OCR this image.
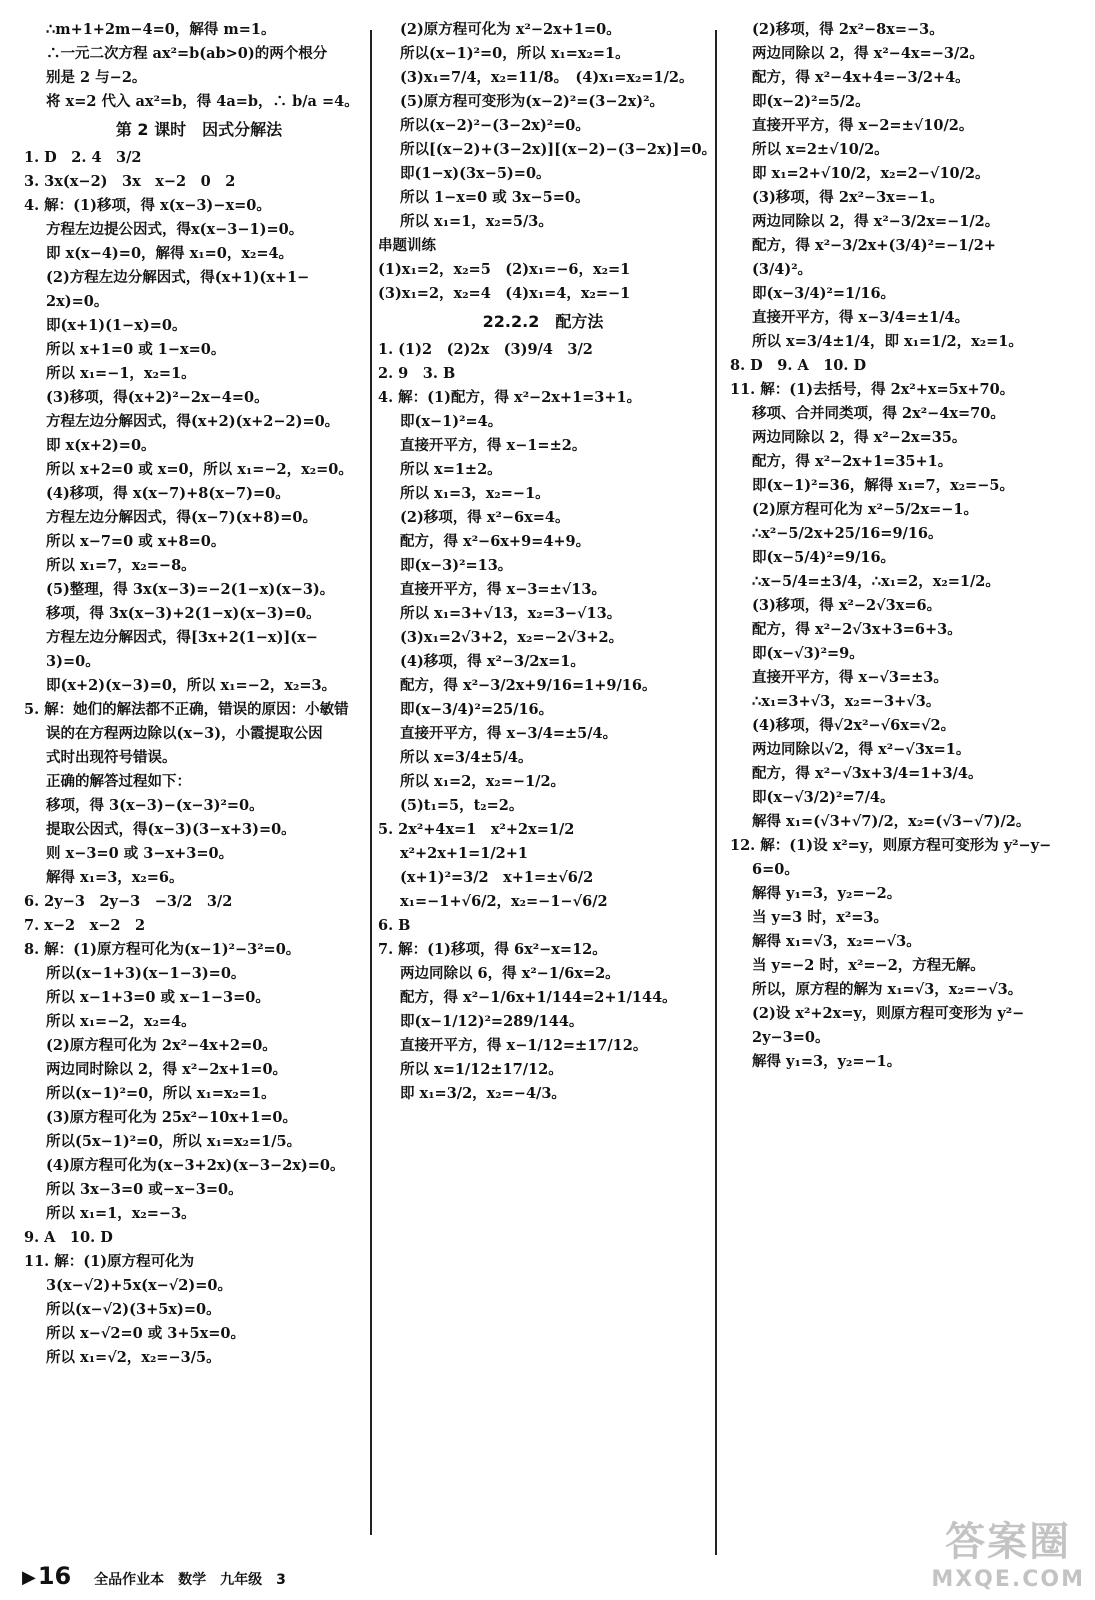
∴m+1+2m−4=0，解得 m=1。
∴一元二次方程 ax²=b(ab>0)的两个根分
别是 2 与−2。
将 x=2 代入 ax²=b，得 4a=b，∴ b/a =4。
第 2 课时　因式分解法
1. D　2. 4　3/2
3. 3x(x−2)　3x　x−2　0　2
4. 解：(1)移项，得 x(x−3)−x=0。
方程左边提公因式，得x(x−3−1)=0。
即 x(x−4)=0，解得 x₁=0，x₂=4。
(2)方程左边分解因式，得(x+1)(x+1−
2x)=0。
即(x+1)(1−x)=0。
所以 x+1=0 或 1−x=0。
所以 x₁=−1，x₂=1。
(3)移项，得(x+2)²−2x−4=0。
方程左边分解因式，得(x+2)(x+2−2)=0。
即 x(x+2)=0。
所以 x+2=0 或 x=0，所以 x₁=−2，x₂=0。
(4)移项，得 x(x−7)+8(x−7)=0。
方程左边分解因式，得(x−7)(x+8)=0。
所以 x−7=0 或 x+8=0。
所以 x₁=7，x₂=−8。
(5)整理，得 3x(x−3)=−2(1−x)(x−3)。
移项，得 3x(x−3)+2(1−x)(x−3)=0。
方程左边分解因式，得[3x+2(1−x)](x−
3)=0。
即(x+2)(x−3)=0，所以 x₁=−2，x₂=3。
5. 解：她们的解法都不正确，错误的原因：小敏错
误的在方程两边除以(x−3)，小霞提取公因
式时出现符号错误。
正确的解答过程如下：
移项，得 3(x−3)−(x−3)²=0。
提取公因式，得(x−3)(3−x+3)=0。
则 x−3=0 或 3−x+3=0。
解得 x₁=3，x₂=6。
6. 2y−3　2y−3　−3/2　3/2
7. x−2　x−2　2
8. 解：(1)原方程可化为(x−1)²−3²=0。
所以(x−1+3)(x−1−3)=0。
所以 x−1+3=0 或 x−1−3=0。
所以 x₁=−2，x₂=4。
(2)原方程可化为 2x²−4x+2=0。
两边同时除以 2，得 x²−2x+1=0。
所以(x−1)²=0，所以 x₁=x₂=1。
(3)原方程可化为 25x²−10x+1=0。
所以(5x−1)²=0，所以 x₁=x₂=1/5。
(4)原方程可化为(x−3+2x)(x−3−2x)=0。
所以 3x−3=0 或−x−3=0。
所以 x₁=1，x₂=−3。
9. A　10. D
11. 解：(1)原方程可化为
3(x−√2)+5x(x−√2)=0。
所以(x−√2)(3+5x)=0。
所以 x−√2=0 或 3+5x=0。
所以 x₁=√2，x₂=−3/5。
(2)原方程可化为 x²−2x+1=0。
所以(x−1)²=0，所以 x₁=x₂=1。
(3)x₁=7/4，x₂=11/8。　(4)x₁=x₂=1/2。
(5)原方程可变形为(x−2)²=(3−2x)²。
所以(x−2)²−(3−2x)²=0。
所以[(x−2)+(3−2x)][(x−2)−(3−2x)]=0。
即(1−x)(3x−5)=0。
所以 1−x=0 或 3x−5=0。
所以 x₁=1，x₂=5/3。
串题训练
(1)x₁=2，x₂=5　(2)x₁=−6，x₂=1
(3)x₁=2，x₂=4　(4)x₁=4，x₂=−1
22.2.2　配方法
1. (1)2　(2)2x　(3)9/4　3/2
2. 9　3. B
4. 解：(1)配方，得 x²−2x+1=3+1。
即(x−1)²=4。
直接开平方，得 x−1=±2。
所以 x=1±2。
所以 x₁=3，x₂=−1。
(2)移项，得 x²−6x=4。
配方，得 x²−6x+9=4+9。
即(x−3)²=13。
直接开平方，得 x−3=±√13。
所以 x₁=3+√13，x₂=3−√13。
(3)x₁=2√3+2，x₂=−2√3+2。
(4)移项，得 x²−3/2x=1。
配方，得 x²−3/2x+9/16=1+9/16。
即(x−3/4)²=25/16。
直接开平方，得 x−3/4=±5/4。
所以 x=3/4±5/4。
所以 x₁=2，x₂=−1/2。
(5)t₁=5，t₂=2。
5. 2x²+4x=1　x²+2x=1/2
x²+2x+1=1/2+1
(x+1)²=3/2　x+1=±√6/2
x₁=−1+√6/2，x₂=−1−√6/2
6. B
7. 解：(1)移项，得 6x²−x=12。
两边同除以 6，得 x²−1/6x=2。
配方，得 x²−1/6x+1/144=2+1/144。
即(x−1/12)²=289/144。
直接开平方，得 x−1/12=±17/12。
所以 x=1/12±17/12。
即 x₁=3/2，x₂=−4/3。
(2)移项，得 2x²−8x=−3。
两边同除以 2，得 x²−4x=−3/2。
配方，得 x²−4x+4=−3/2+4。
即(x−2)²=5/2。
直接开平方，得 x−2=±√10/2。
所以 x=2±√10/2。
即 x₁=2+√10/2，x₂=2−√10/2。
(3)移项，得 2x²−3x=−1。
两边同除以 2，得 x²−3/2x=−1/2。
配方，得 x²−3/2x+(3/4)²=−1/2+
(3/4)²。
即(x−3/4)²=1/16。
直接开平方，得 x−3/4=±1/4。
所以 x=3/4±1/4，即 x₁=1/2，x₂=1。
8. D　9. A　10. D
11. 解：(1)去括号，得 2x²+x=5x+70。
移项、合并同类项，得 2x²−4x=70。
两边同除以 2，得 x²−2x=35。
配方，得 x²−2x+1=35+1。
即(x−1)²=36，解得 x₁=7，x₂=−5。
(2)原方程可化为 x²−5/2x=−1。
∴x²−5/2x+25/16=9/16。
即(x−5/4)²=9/16。
∴x−5/4=±3/4，∴x₁=2，x₂=1/2。
(3)移项，得 x²−2√3x=6。
配方，得 x²−2√3x+3=6+3。
即(x−√3)²=9。
直接开平方，得 x−√3=±3。
∴x₁=3+√3，x₂=−3+√3。
(4)移项，得√2x²−√6x=√2。
两边同除以√2，得 x²−√3x=1。
配方，得 x²−√3x+3/4=1+3/4。
即(x−√3/2)²=7/4。
解得 x₁=(√3+√7)/2，x₂=(√3−√7)/2。
12. 解：(1)设 x²=y，则原方程可变形为 y²−y−
6=0。
解得 y₁=3，y₂=−2。
当 y=3 时，x²=3。
解得 x₁=√3，x₂=−√3。
当 y=−2 时，x²=−2，方程无解。
所以，原方程的解为 x₁=√3，x₂=−√3。
(2)设 x²+2x=y，则原方程可变形为 y²−
2y−3=0。
解得 y₁=3，y₂=−1。
▶16 全品作业本　数学　九年级　3
答案圈
MXQE.COM
